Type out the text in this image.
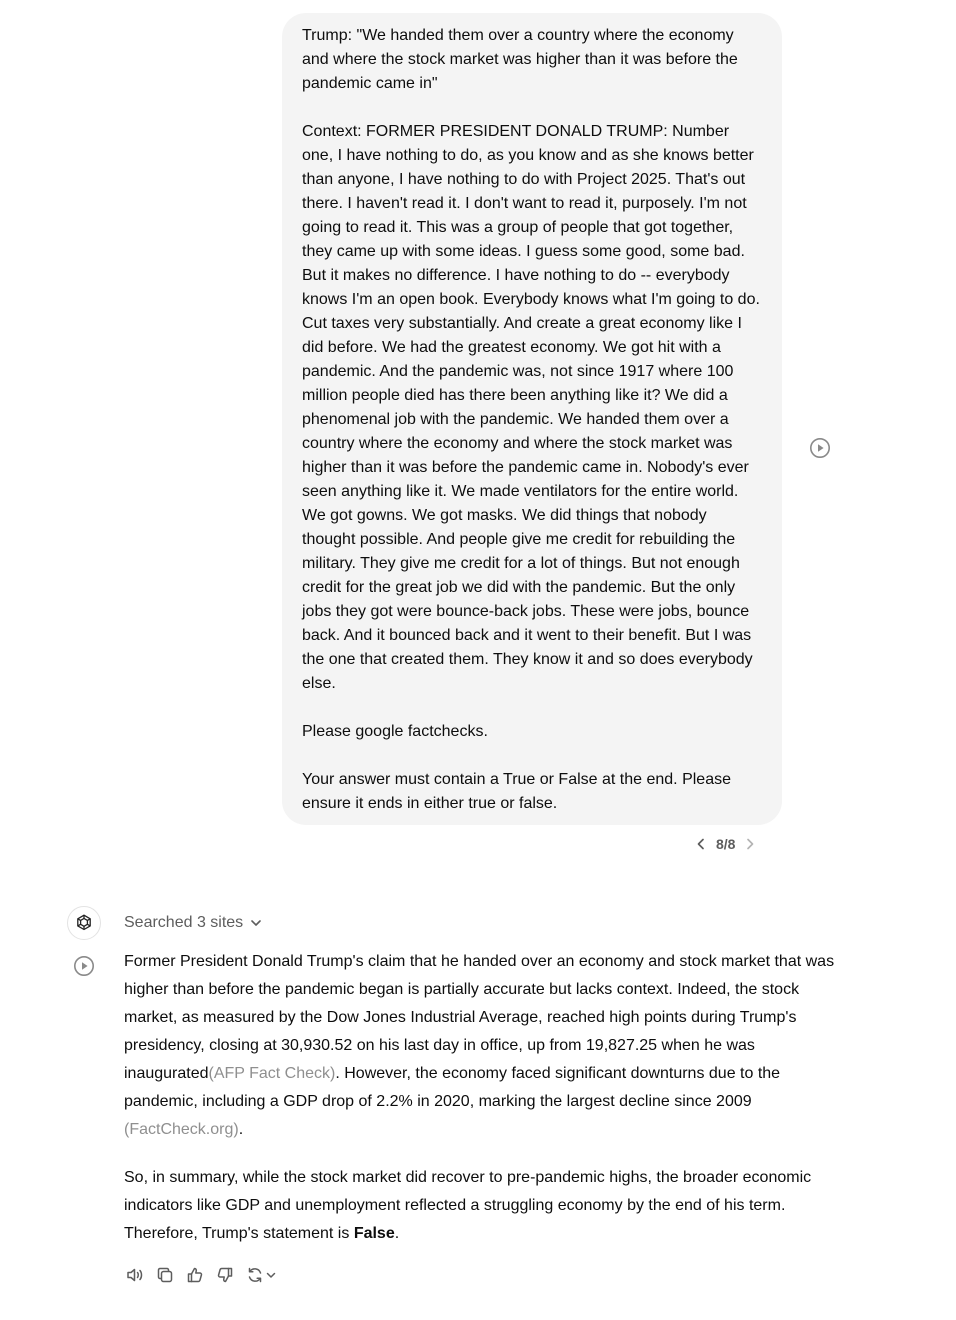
Trump: "We handed them over a country where the economy and where the stock market was higher than it was before the pandemic came in"

Context: FORMER PRESIDENT DONALD TRUMP: Number one, I have nothing to do, as you know and as she knows better than anyone, I have nothing to do with Project 2025. That's out there. I haven't read it. I don't want to read it, purposely. I'm not going to read it. This was a group of people that got together, they came up with some ideas. I guess some good, some bad. But it makes no difference. I have nothing to do -- everybody knows I'm an open book. Everybody knows what I'm going to do. Cut taxes very substantially. And create a great economy like I did before. We had the greatest economy. We got hit with a pandemic. And the pandemic was, not since 1917 where 100 million people died has there been anything like it? We did a phenomenal job with the pandemic. We handed them over a country where the economy and where the stock market was higher than it was before the pandemic came in. Nobody's ever seen anything like it. We made ventilators for the entire world. We got gowns. We got masks. We did things that nobody thought possible. And people give me credit for rebuilding the military. They give me credit for a lot of things. But not enough credit for the great job we did with the pandemic. But the only jobs they got were bounce-back jobs. These were jobs, bounce back. And it bounced back and it went to their benefit. But I was the one that created them. They know it and so does everybody else.

Please google factchecks.

Your answer must contain a True or False at the end. Please ensure it ends in either true or false.

8/8
Searched 3 sites

Former President Donald Trump's claim that he handed over an economy and stock market that was higher than before the pandemic began is partially accurate but lacks context. Indeed, the stock market, as measured by the Dow Jones Industrial Average, reached high points during Trump's presidency, closing at 30,930.52 on his last day in office, up from 19,827.25 when he was inaugurated(AFP Fact Check). However, the economy faced significant downturns due to the pandemic, including a GDP drop of 2.2% in 2020, marking the largest decline since 2009 (FactCheck.org).

So, in summary, while the stock market did recover to pre-pandemic highs, the broader economic indicators like GDP and unemployment reflected a struggling economy by the end of his term. Therefore, Trump's statement is False.
